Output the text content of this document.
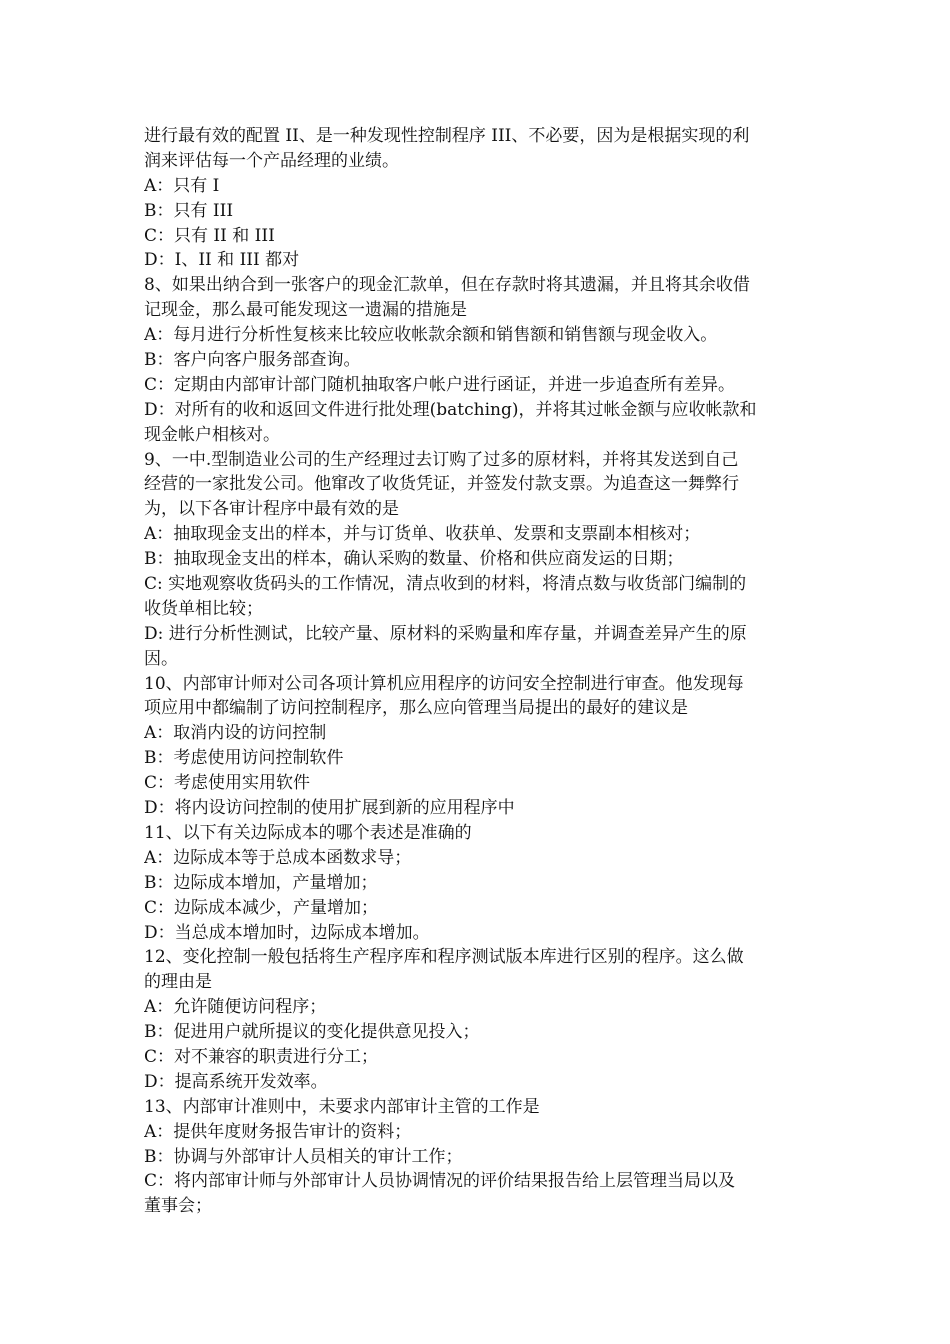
进行最有效的配置 II、是一种发现性控制程序 III、不必要，因为是根据实现的利
润来评估每一个产品经理的业绩。
A：只有 I
B：只有 III
C：只有 II 和 III
D：I、II 和 III 都对
8、如果出纳合到一张客户的现金汇款单，但在存款时将其遗漏，并且将其余收借
记现金，那么最可能发现这一遗漏的措施是
A：每月进行分析性复核来比较应收帐款余额和销售额和销售额与现金收入。
B：客户向客户服务部查询。
C：定期由内部审计部门随机抽取客户帐户进行函证，并进一步追查所有差异。
D：对所有的收和返回文件进行批处理(batching)，并将其过帐金额与应收帐款和
现金帐户相核对。
9、一中.型制造业公司的生产经理过去订购了过多的原材料，并将其发送到自己
经营的一家批发公司。他窜改了收货凭证，并签发付款支票。为追查这一舞弊行
为，以下各审计程序中最有效的是
A：抽取现金支出的样本，并与订货单、收获单、发票和支票副本相核对；
B：抽取现金支出的样本，确认采购的数量、价格和供应商发运的日期；
C: 实地观察收货码头的工作情况，清点收到的材料，将清点数与收货部门编制的
收货单相比较；
D: 进行分析性测试，比较产量、原材料的采购量和库存量，并调查差异产生的原
因。
10、内部审计师对公司各项计算机应用程序的访问安全控制进行审查。他发现每
项应用中都编制了访问控制程序，那么应向管理当局提出的最好的建议是
A：取消内设的访问控制
B：考虑使用访问控制软件
C：考虑使用实用软件
D：将内设访问控制的使用扩展到新的应用程序中
11、以下有关边际成本的哪个表述是准确的
A：边际成本等于总成本函数求导；
B：边际成本增加，产量增加；
C：边际成本减少，产量增加；
D：当总成本增加时，边际成本增加。
12、变化控制一般包括将生产程序库和程序测试版本库进行区别的程序。这么做
的理由是
A：允许随便访问程序；
B：促进用户就所提议的变化提供意见投入；
C：对不兼容的职责进行分工；
D：提高系统开发效率。
13、内部审计准则中，未要求内部审计主管的工作是
A：提供年度财务报告审计的资料；
B：协调与外部审计人员相关的审计工作；
C：将内部审计师与外部审计人员协调情况的评价结果报告给上层管理当局以及
董事会；
